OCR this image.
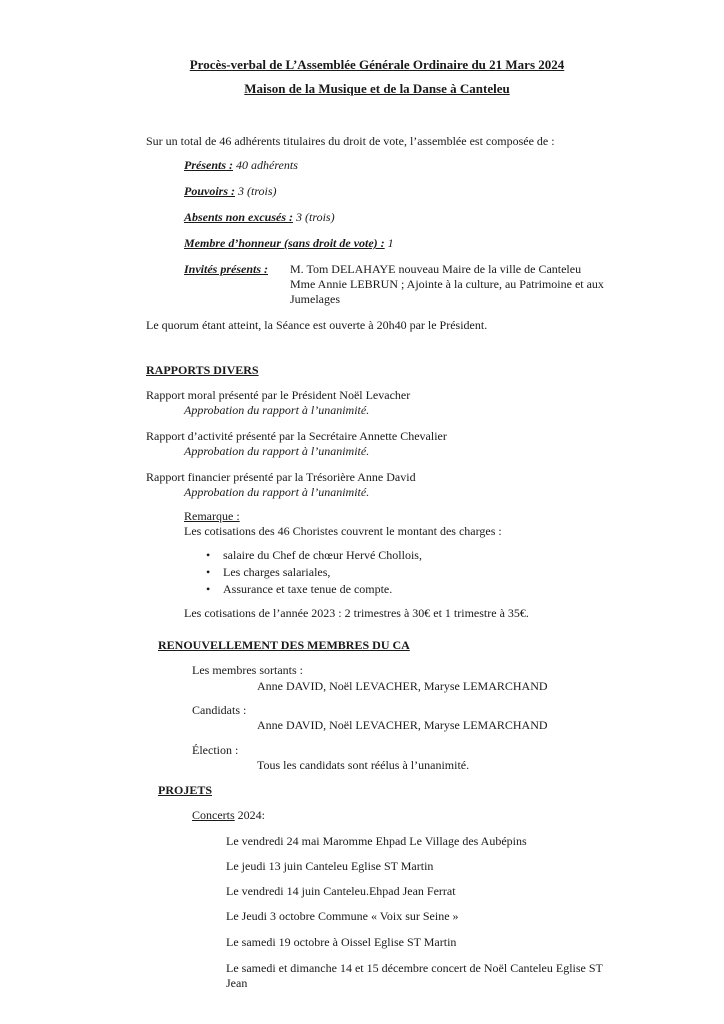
Procès-verbal de L’Assemblée Générale Ordinaire du 21 Mars 2024
Maison de la Musique et de la Danse à Canteleu
Sur un total de 46 adhérents titulaires du droit de vote, l’assemblée est composée de :
Présents : 40 adhérents
Pouvoirs : 3 (trois)
Absents non excusés : 3 (trois)
Membre d’honneur (sans droit de vote) : 1
Invités présents : M. Tom DELAHAYE nouveau Maire de la ville de Canteleu
Mme Annie LEBRUN ; Ajointe à la culture, au Patrimoine et aux
Jumelages
Le quorum étant atteint, la Séance est ouverte à 20h40 par le Président.
RAPPORTS DIVERS
Rapport moral présenté par le Président Noël Levacher
Approbation du rapport à l’unanimité.
Rapport d’activité présenté par la Secrétaire Annette Chevalier
Approbation du rapport à l’unanimité.
Rapport financier présenté par la Trésorière Anne David
Approbation du rapport à l’unanimité.
Remarque :
Les cotisations des 46 Choristes couvrent le montant des charges :
• salaire du Chef de chœur Hervé Chollois,
• Les charges salariales,
• Assurance et taxe tenue de compte.
Les cotisations de l’année 2023 : 2 trimestres à 30€ et 1 trimestre à 35€.
RENOUVELLEMENT DES MEMBRES DU CA
Les membres sortants :
Anne DAVID, Noël LEVACHER, Maryse LEMARCHAND
Candidats :
Anne DAVID, Noël LEVACHER, Maryse LEMARCHAND
Élection :
Tous les candidats sont réélus à l’unanimité.
PROJETS
Concerts 2024:
Le vendredi 24 mai Maromme Ehpad Le Village des Aubépins
Le jeudi 13 juin Canteleu Eglise ST Martin
Le vendredi 14 juin Canteleu.Ehpad Jean Ferrat
Le Jeudi 3 octobre Commune « Voix sur Seine »
Le samedi 19 octobre à Oissel Eglise ST Martin
Le samedi et dimanche 14 et 15 décembre concert de Noël Canteleu Eglise ST
Jean
